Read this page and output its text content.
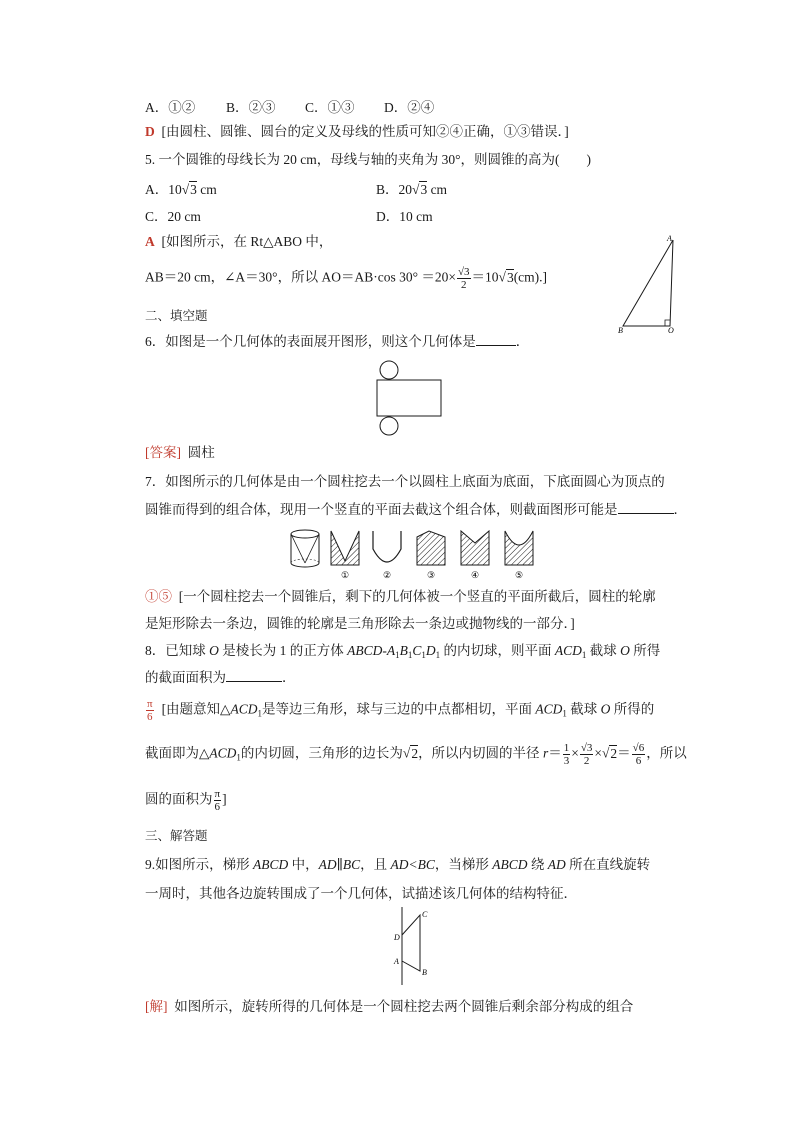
A．①② B．②③ C．①③ D．②④
D [由圆柱、圆锥、圆台的定义及母线的性质可知②④正确，①③错误．]
5. 一个圆锥的母线长为 20 cm，母线与轴的夹角为 30°，则圆锥的高为(　　)
A．10√3 cm	B．20√3 cm
C．20 cm	D．10 cm
A [如图所示，在 Rt△ABO 中，
AB＝20 cm，∠A＝30°，所以 AO＝AB·cos $30^\circ =20\times \frac{√3}{2} =10√3(cm)$.]
A
B	O
二、填空题
6．如图是一个几何体的表面展开图形，则这个几何体是	．
[答案] 圆柱
7．如图所示的几何体是由一个圆柱挖去一个以圆柱上底面为底面，下底面圆心为顶点的
圆锥而得到的组合体，现用一个竖直的平面去截这个组合体，则截面图形可能是	．
①	②	③	④	⑤
①⑤ [一个圆柱挖去一个圆锥后，剩下的几何体被一个竖直的平面所截后，圆柱的轮廓
是矩形除去一条边，圆锥的轮廓是三角形除去一条边或抛物线的一部分．]
8．已知球 O 是棱长为 1 的正方体 ABCD-$A_1B_1C_1D_1$ 的内切球，则平面 $ACD_1$ 截球 O 所得
的截面面积为	．
$\frac{\pi}{6}$ [由题意知$\triangle ACD_1$是等边三角形，球与三边的中点都相切，平面 $ACD_1$ 截球 O 所得的
截面即为$\triangle ACD_1$的内切圆，三角形的边长为√2，所以内切圆的半径 $r= \frac{1}{3} \times \frac{√3}{2} \times√2= \frac{√6}{6}$ ，所以
圆的面积为 $\frac{\pi}{6}$ ]
三、解答题
9.如图所示，梯形 ABCD 中，AD∥BC，且 AD<BC，当梯形 ABCD 绕 AD 所在直线旋转
一周时，其他各边旋转围成了一个几何体，试描述该几何体的结构特征．
C
D
A
B
[解] 如图所示，旋转所得的几何体是一个圆柱挖去两个圆锥后剩余部分构成的组合
